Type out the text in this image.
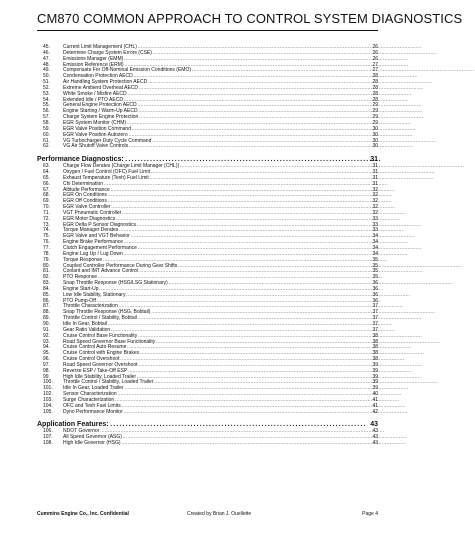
CM870 COMMON APPROACH TO CONTROL SYSTEM DIAGNOSTICS
45.	Current Limit Management (CHL) . . .	26
46.	Determine Charge System Errors (CSE) . . .	26
47.	Emissions Manager (EMM) . . .	26
48.	Emission Reference (ERM) . . .	27
49.	Compensate For Off-Nominal Emission Conditions (EMO) . . .	27
50.	Condensation Protection AECD . . .	28
51.	Air Handling System Protection AECD . . .	28
52.	Extreme Ambient Overheat AECD . . .	28
53.	White Smoke / Misfire AECD . . .	28
54.	Extended Idle / PTO AECD . . .	28
55.	General Engine Protection AECD . . .	29
56.	Engine Starting / Warm-Up AECD . . .	29
57.	Charge System Engine Protection . . .	29
58.	EGR System Monitor (CHM) . . .	29
59.	EGR Valve Position Command . . .	30
60.	EGR Valve Position Autozero . . .	30
61.	VG Turbocharger Duty Cycle Command . . .	30
62.	VG Air Shutoff Valve Controls . . .	30
Performance Diagnostics: . . .	31
63.	Charge Flow Derates (Charge Limit Manager (CHL)) . . .	31
64.	Oxygen / Fuel Control (OFC) Fuel Limit . . .	31
65.	Exhaust Temperature (Texh) Fuel Limit . . .	31
66.	Chi Determination . . .	31
67.	Altitude Performance . . .	32
68.	EGR On Conditions . . .	32
69.	EGR Off Conditions . . .	32
70.	EGR Valve Controller . . .	32
71.	VGT Pneumatic Controller . . .	32
72.	EGR Motor Diagnostics . . .	33
73.	EGR Delta P Sensor Diagnostics . . .	33
74.	Torque Manager Derates . . .	33
75.	EGR Valve and VGT Behavior . . .	34
76.	Engine Brake Performance . . .	34
77.	Clutch Engagement Performance . . .	34
78.	Engine Lug Up / Lug Down . . .	34
79.	Torque Response . . .	35
80.	Coupled Controller Performance During Gear Shifts . . .	35
81.	Coolant and IMT Advance Control . . .	35
82.	PTO Response . . .	35
83.	Snap Throttle Response (HSG/LSG Stationary) . . .	36
84.	Engine Start-Up . . .	36
85.	Low Idle Stability, Stationary . . .	36
86.	PTO Pump-Off . . .	36
87.	Throttle Characterization . . .	37
88.	Snap Throttle Response (HSG, Bobtail) . . .	37
89.	Throttle Control / Stability, Bobtail . . .	37
90.	Idle In Gear, Bobtail . . .	37
91.	Gear Ratio Validation . . .	37
92.	Cruise Control Base Functionality . . .	38
93.	Road Speed Governor Base Functionality . . .	38
94.	Cruise Control Auto Resume . . .	38
95.	Cruise Control with Engine Brakes . . .	38
96.	Cruise Control Overshoot . . .	38
97.	Road Speed Governor Overshoot . . .	39
98.	Reverse ESP / Take-Off ESP . . .	39
99.	High Idle Stability, Loaded Trailer . . .	39
100.	Throttle Control / Stability, Loaded Trailer . . .	39
101.	Idle In Gear, Loaded Trailer . . .	39
102.	Sensor Characterization . . .	40
103.	Surge Characterization . . .	41
104.	OFC and Texh Fuel Limits . . .	41
105.	Dyno Performance Monitor . . .	42
Application Features: . . .	43
106.	NDOT Governor . . .	43
107.	All Speed Governor (ASG) . . .	43
108.	High Idle Governor (HSG) . . .	43
Cummins Engine Co., Inc. Confidential	Created by Brian J. Ouellette	Page 4
